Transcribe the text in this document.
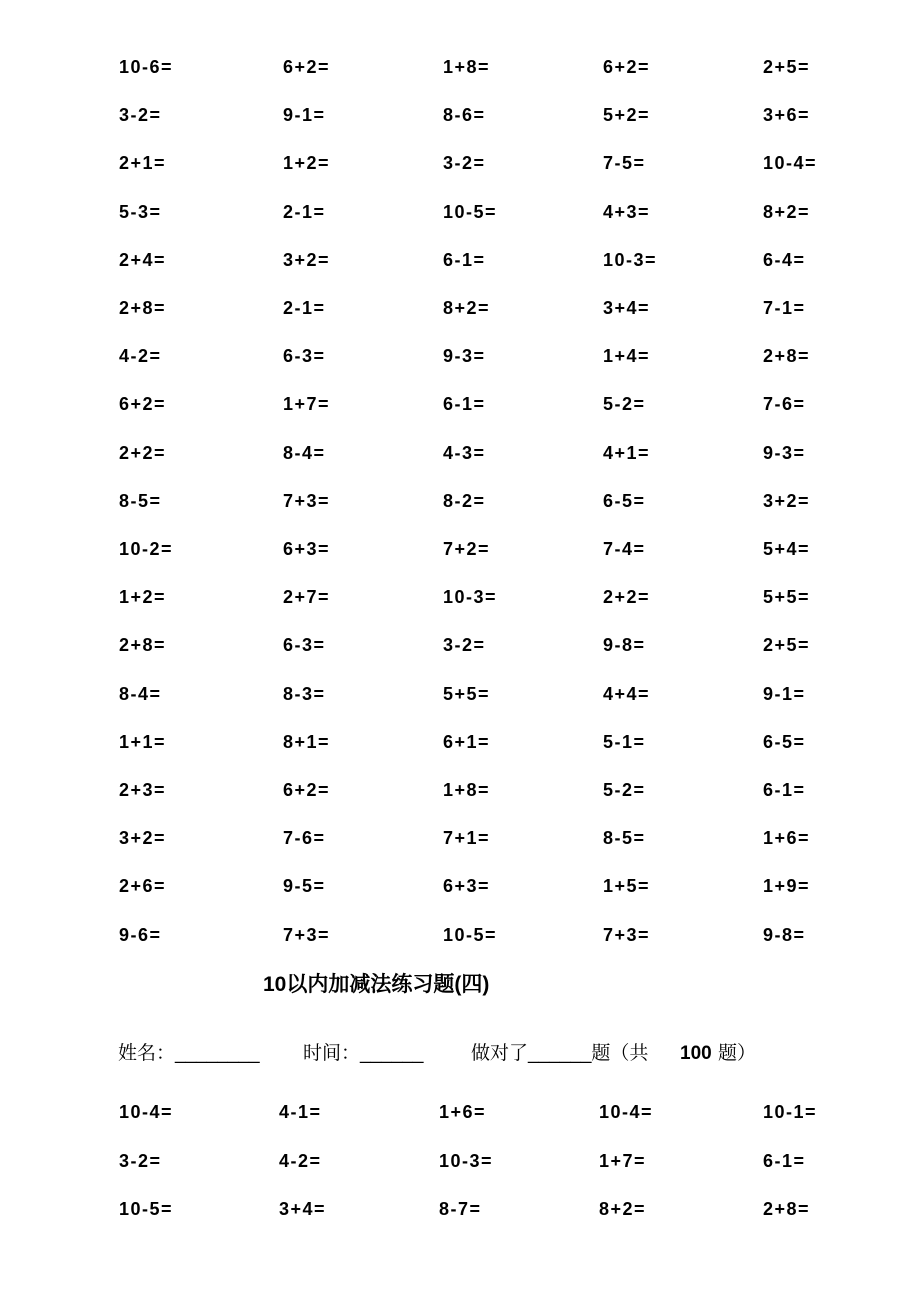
10-6=	6+2=	1+8=	6+2=	2+5=
3-2=	9-1=	8-6=	5+2=	3+6=
2+1=	1+2=	3-2=	7-5=	10-4=
5-3=	2-1=	10-5=	4+3=	8+2=
2+4=	3+2=	6-1=	10-3=	6-4=
2+8=	2-1=	8+2=	3+4=	7-1=
4-2=	6-3=	9-3=	1+4=	2+8=
6+2=	1+7=	6-1=	5-2=	7-6=
2+2=	8-4=	4-3=	4+1=	9-3=
8-5=	7+3=	8-2=	6-5=	3+2=
10-2=	6+3=	7+2=	7-4=	5+4=
1+2=	2+7=	10-3=	2+2=	5+5=
2+8=	6-3=	3-2=	9-8=	2+5=
8-4=	8-3=	5+5=	4+4=	9-1=
1+1=	8+1=	6+1=	5-1=	6-5=
2+3=	6+2=	1+8=	5-2=	6-1=
3+2=	7-6=	7+1=	8-5=	1+6=
2+6=	9-5=	6+3=	1+5=	1+9=
9-6=	7+3=	10-5=	7+3=	9-8=
10以内加减法练习题(四)
姓名：________ 时间：______	做对了______题（共 100 题）
10-4=	4-1=	1+6=	10-4=	10-1=
3-2=	4-2=	10-3=	1+7=	6-1=
10-5=	3+4=	8-7=	8+2=	2+8=
